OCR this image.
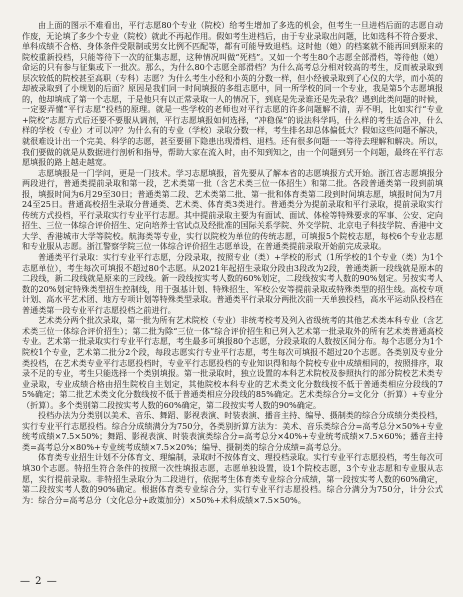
由上面的图示不难看出，平行志愿80个专业（院校）给考生增加了多选的机会，但考生一旦进档后面的志愿自动作废，无论填了多少个专业（院校）就此不再起作用。假如考生进档后，由于专业录取出问题，比如选科不符合要求、单科成绩不合格、身体条件受限制或男女比例不匹配等，都有可能导致退档。这时他（她）的档案就不能再回到原来的院校重新投档，只能等待下一次的征集志愿，这种情况叫做“死档”。又如一个考生80个志愿全部滑档，等待他（她）命运的只有参与征集或下一批次。那么，为什么80个志愿全部滑档？为什么高考总分相对较高的考生，反而被录取到层次较低的院校甚至高职（专科）志愿？为什么考生小经和小英的分数一样，但小经被录取到了心仪的大学，而小英的却被录取到了小规划的后面？原因是我们同一时间填报的多组志愿中，同一所学校的同一个专业，我是第5个志愿填报的，他却填成了第一个志愿，于是他只有以正常录取一人的情况下，到底是先录谁还是先录我？遇到此类问题的时候，一定要弄懂“平行志愿”投档的原理。就是一些学校的老师也对平行志愿的许多问题解不清，弄不明，比如实行“专业+院校”志愿方式后还要不要服从调剂，平行志愿填报如何选择，“冲稳保”的说法科学吗，什么样的考生适合冲，什么样的学校（专业）才可以冲？为什么有的专业（学校）录取分数一样，考生排名却总体偏低大？假如这些问题不解决，就很难设计出一个完美、科学的志愿，甚至要留下隐患出现滑档、退档。还有很多问题一一等待去理解和解决。所以，我们要做的就是从数据进行剖析和指导，帮助大家在流入时，由不知到知之，由一个问题到另一个问题，最终在平行志愿填报的路上越走越宽。

志愿填报是一门学问，更是一门技术。学习志愿填报，首先要从了解本省的志愿填报方式开始。浙江省志愿填报分两段进行，普通类提前录取和第一段，艺术类第一批（含艺术类三位一体招生）和第二批。各段普通类第一段到前填报，填报时间为6月29至30日；普通类第二段、艺术类第二批、第一批和体育类第二段到时间填志愿，填报时间为7月24至25日。普通高校招生录取分普通类、艺术类、体育类3类进行。普通类分为提前录取和平行录取，提前录取实行传统方式投档，平行录取实行专业平行志愿。其中提前录取主要为有面试、面试、体检等特殊要求的军事、公安、定向招生、三位一体综合评价招生、定向培养士官试点及经批准的国际关系学院、外交学院、北京电子科技学院、香港中文大学、香港城市大学等院校。航海类等专业，实行以院校为单位的传统志愿，可填报5个院校志愿，每校6个专业志愿和专业服从志愿。浙江警察学院三位一体综合评价招生志愿单设，在普通类提前录取开始前完成录取。

普通类平行录取：实行专业平行志愿，分段录取，按照专业（类）+学校的形式（1所学校的1个专业（类）为1个志愿单位），考生每次可填报不超过80个志愿。从2021年起招生录取分段由3段改为2段，普通类新一段线就是原本的二段线，新二段线就是原来的三段线。新一段线按实考人数的60%划定，二段线按实考人数的90%划定。另按实考人数的20%划定特殊类型招生控制线，用于强基计划、特殊招生、军校公安等提前录取或特殊类型的招生线。高校专项计划、高水平艺术团、地方专项计划等特殊类型录取。普通类平行录取分两批次前一天单独投档，高水平运动队投档在普通类第一段专业平行志愿投档之前进行。

艺术类分两个批次录取，第一批为所有艺术院校（专业）非统考校考及列入省级统考的其他艺术类本科专业（含艺术类三位一体综合评价招生）；第二批为除“三位一体”综合评价招生和已列入艺术第一批录取外的所有艺术类普通高校专业。艺术第一批录取实行专业平行志愿，考生最多可填报80个志愿，分段录取的人数按区间分布。每个志愿分为1个院校1个专业，艺术第二批分2个段，每段志愿实行专业平行志愿，考生每次可填报不超过20个志愿。各类别及专业分类投档，在艺术类专业平行志愿投档时，专业平行志愿投档的专业知识得和每个院校专业中成绩相同的，按照排序，取录不足的专业，考生只能选择一个类别填报。第一批录取时，独立设置的本科艺术院校及参照执行的部分院校艺术类专业录取，专业成绩合格由招生院校自主划定，其他院校本科专业的艺术类文化分数线按不低于普通类相应分段线的75%确定；第二批艺术类文化分数线按不低于普通类相应分段线的85%确定。艺术类综合分=文化分（折算）+专业分（折算）。多个类别第二段按实考人数的60%确定，第二段按实考人数的90%确定。

投档办法为分类别以美术、音乐、舞蹈、影视表演、时装表演、播音主持、编导、摄制类的综合分成绩分类投档，实行专业平行志愿投档。综合分成绩满分为750分，各类别折算方法为：美术、音乐类综合分=高考总分×50%+专业统考成绩×7.5×50%；舞蹈、影视表演、时装表演类综合分=高考总分×40%+专业统考成绩×7.5×60%；播音主持类=高考总分×80%+专业统考成绩×7.5×20%；编导、摄制类的综合分成绩=高考总分。

体育类专业招生计划不分体育文、理编制，录取时不按体育文、理投档录取。实行专业平行志愿投档，考生每次可填30个志愿。特招生符合条件的按照一次性填报志愿，志愿单独设置，设1个院校志愿，3个专业志愿和专业服从志愿，实行提前录取。非特招生录取分为二段进行，依据考生体育类专业综合分成绩，第一段按实考人数的60%确定，第二段按实考人数的90%确定。根据体育类专业综合分，实行专业平行志愿投档。综合分满分为750分，计分公式为：综合分=高考总分（文化总分+政策加分）×50%+术科成绩×7.5×50%。

— 2 —
